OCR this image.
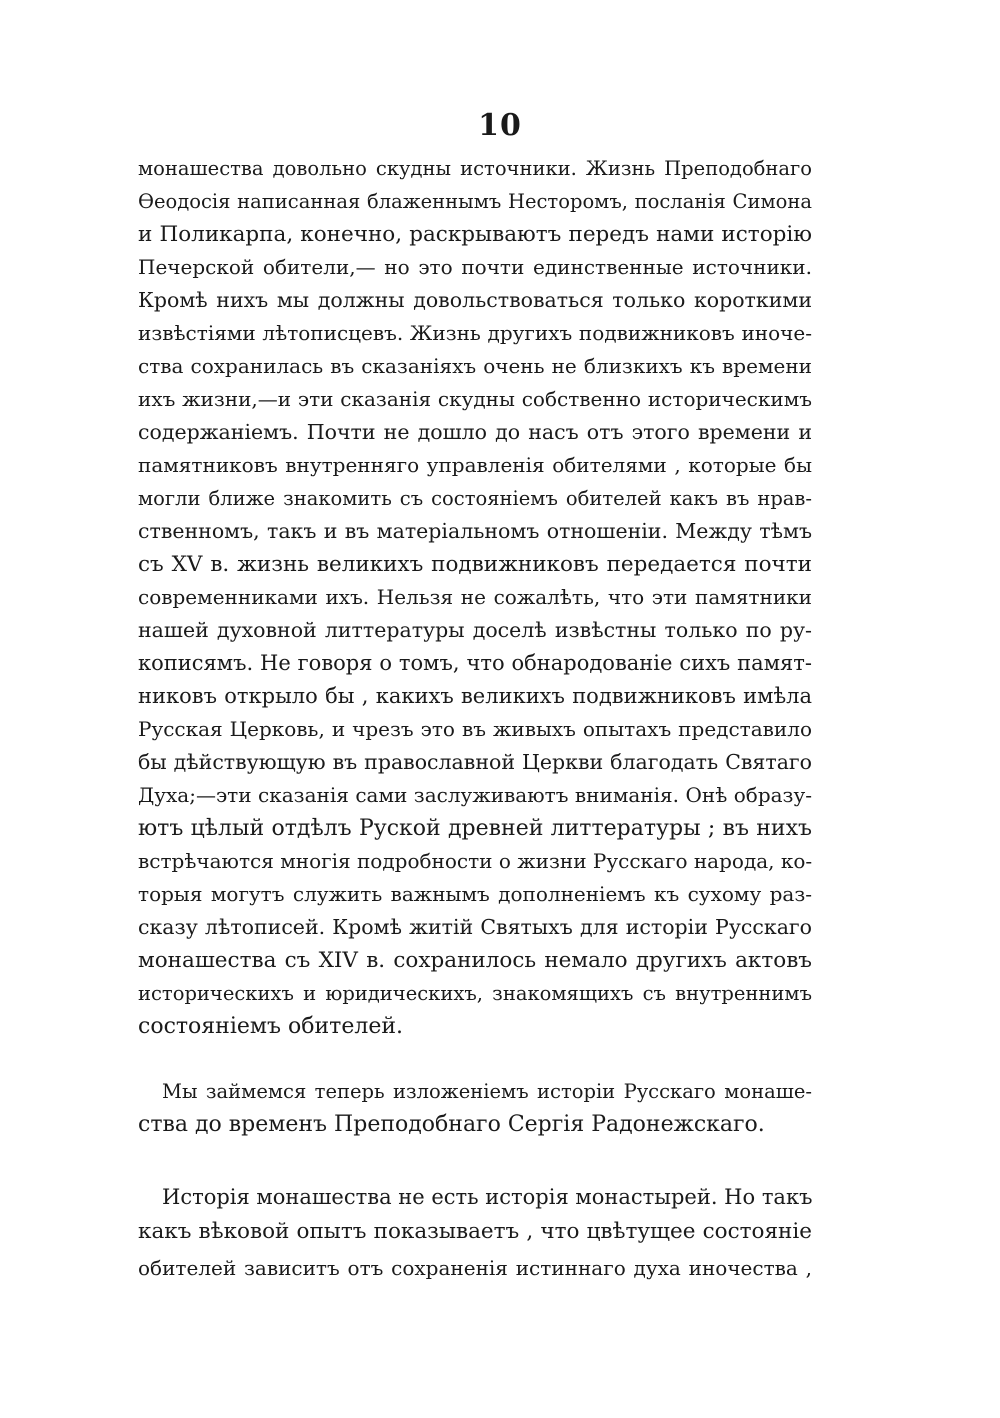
10
монашества довольно скудны источники. Жизнь Преподобнаго
Өеодосія написанная блаженнымъ Несторомъ, посланія Симона
и Поликарпа, конечно, раскрываютъ передъ нами исторію
Печерской обители,— но это почти единственные источники.
Кромѣ нихъ мы должны довольствоваться только короткими
извѣстіями лѣтописцевъ. Жизнь другихъ подвижниковъ иноче-
ства сохранилась въ сказаніяхъ очень не близкихъ къ времени
ихъ жизни,—и эти сказанія скудны собственно историческимъ
содержаніемъ. Почти не дошло до насъ отъ этого времени и
памятниковъ внутренняго управленія обителями , которые бы
могли ближе знакомить съ состояніемъ обителей какъ въ нрав-
ственномъ, такъ и въ матеріальномъ отношеніи. Между тѣмъ
съ XV в. жизнь великихъ подвижниковъ передается почти
современниками ихъ. Нельзя не сожалѣть, что эти памятники
нашей духовной литтературы доселѣ извѣстны только по ру-
кописямъ. Не говоря о томъ, что обнародованіе сихъ памят-
никовъ открыло бы , какихъ великихъ подвижниковъ имѣла
Русская Церковь, и чрезъ это въ живыхъ опытахъ представило
бы дѣйствующую въ православной Церкви благодать Святаго
Духа;—эти сказанія сами заслуживаютъ вниманія. Онѣ образу-
ютъ цѣлый отдѣлъ Руской древней литтературы ; въ нихъ
встрѣчаются многія подробности о жизни Русскаго народа, ко-
торыя могутъ служить важнымъ дополненіемъ къ сухому раз-
сказу лѣтописей. Кромѣ житій Святыхъ для исторіи Русскаго
монашества съ XIV в. сохранилось немало другихъ актовъ
историческихъ и юридическихъ, знакомящихъ съ внутреннимъ
состояніемъ обителей.
Мы займемся теперь изложеніемъ исторіи Русскаго монаше-
ства до временъ Преподобнаго Сергія Радонежскаго.
Исторія монашества не есть исторія монастырей. Но такъ
какъ вѣковой опытъ показываетъ , что цвѣтущее состояніе
обителей зависитъ отъ сохраненія истиннаго духа иночества ,
